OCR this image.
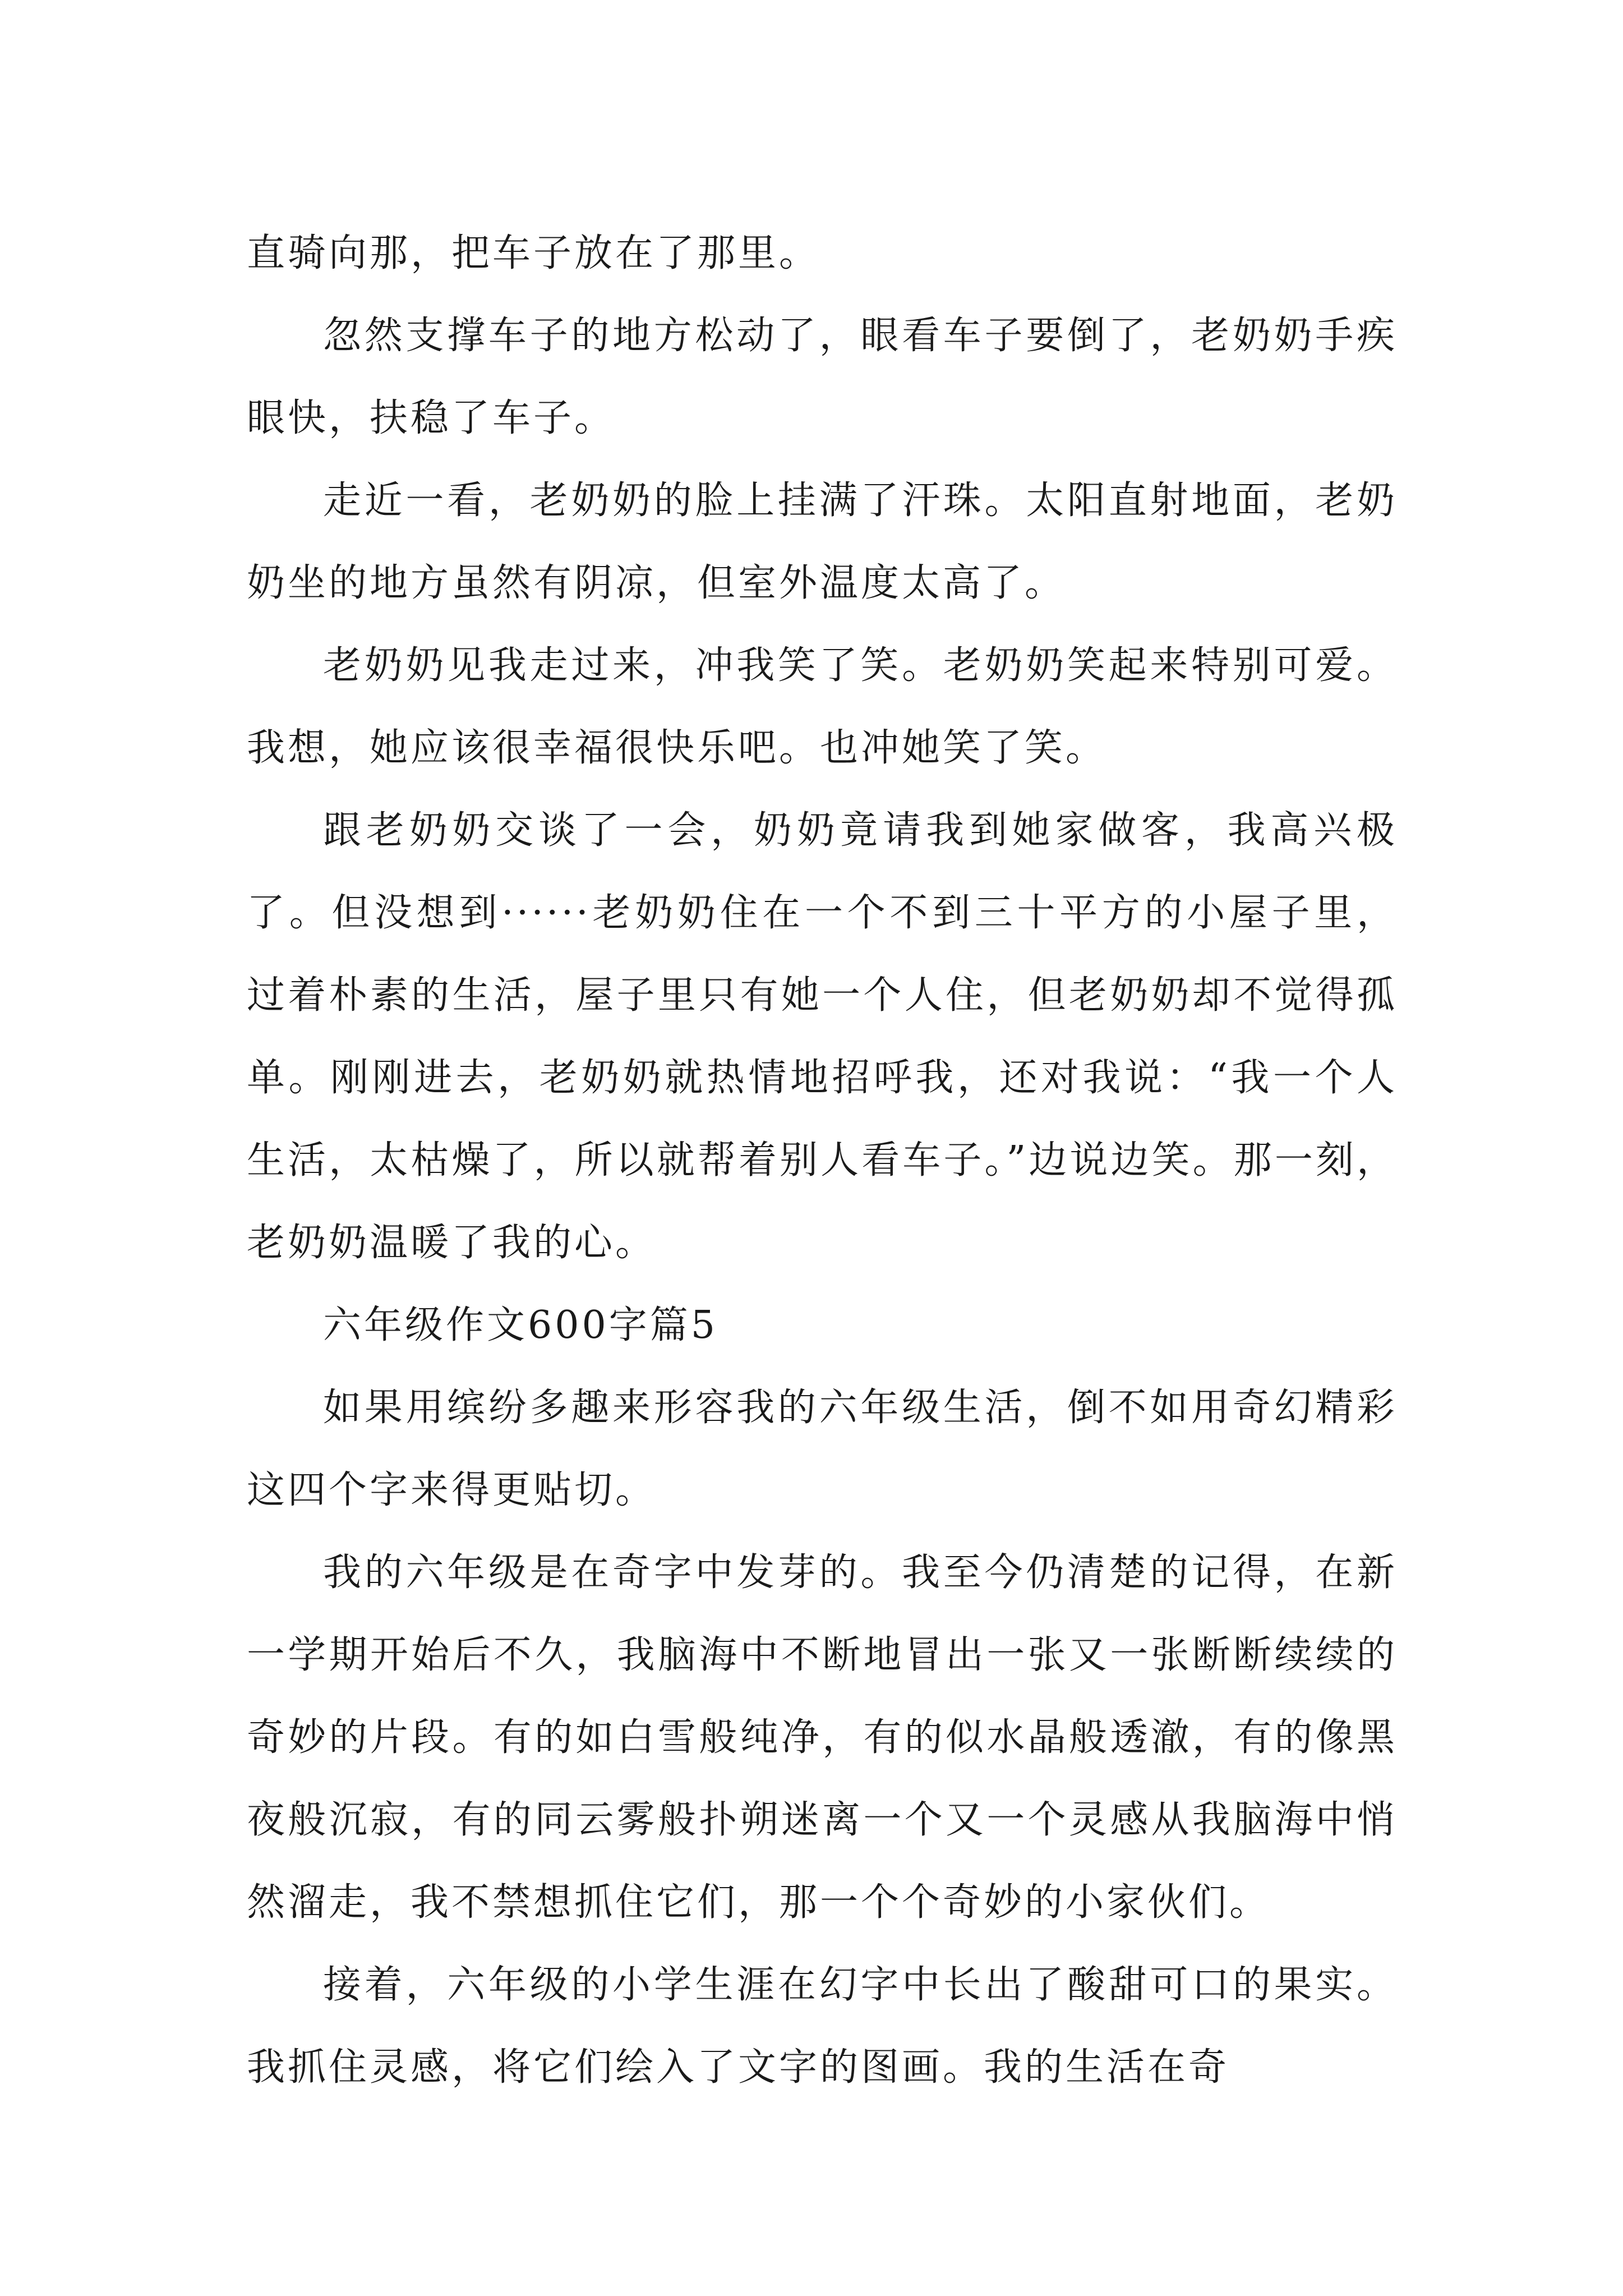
直骑向那，把车子放在了那里。

忽然支撑车子的地方松动了，眼看车子要倒了，老奶奶手疾眼快，扶稳了车子。

走近一看，老奶奶的脸上挂满了汗珠。太阳直射地面，老奶奶坐的地方虽然有阴凉，但室外温度太高了。

老奶奶见我走过来，冲我笑了笑。老奶奶笑起来特别可爱。我想，她应该很幸福很快乐吧。也冲她笑了笑。

跟老奶奶交谈了一会，奶奶竟请我到她家做客，我高兴极了。但没想到······老奶奶住在一个不到三十平方的小屋子里，过着朴素的生活，屋子里只有她一个人住，但老奶奶却不觉得孤单。刚刚进去，老奶奶就热情地招呼我，还对我说：“我一个人生活，太枯燥了，所以就帮着别人看车子。”边说边笑。那一刻，老奶奶温暖了我的心。

六年级作文600字篇5

如果用缤纷多趣来形容我的六年级生活，倒不如用奇幻精彩这四个字来得更贴切。

我的六年级是在奇字中发芽的。我至今仍清楚的记得，在新一学期开始后不久，我脑海中不断地冒出一张又一张断断续续的奇妙的片段。有的如白雪般纯净，有的似水晶般透澈，有的像黑夜般沉寂，有的同云雾般扑朔迷离一个又一个灵感从我脑海中悄然溜走，我不禁想抓住它们，那一个个奇妙的小家伙们。

接着，六年级的小学生涯在幻字中长出了酸甜可口的果实。我抓住灵感，将它们绘入了文字的图画。我的生活在奇
